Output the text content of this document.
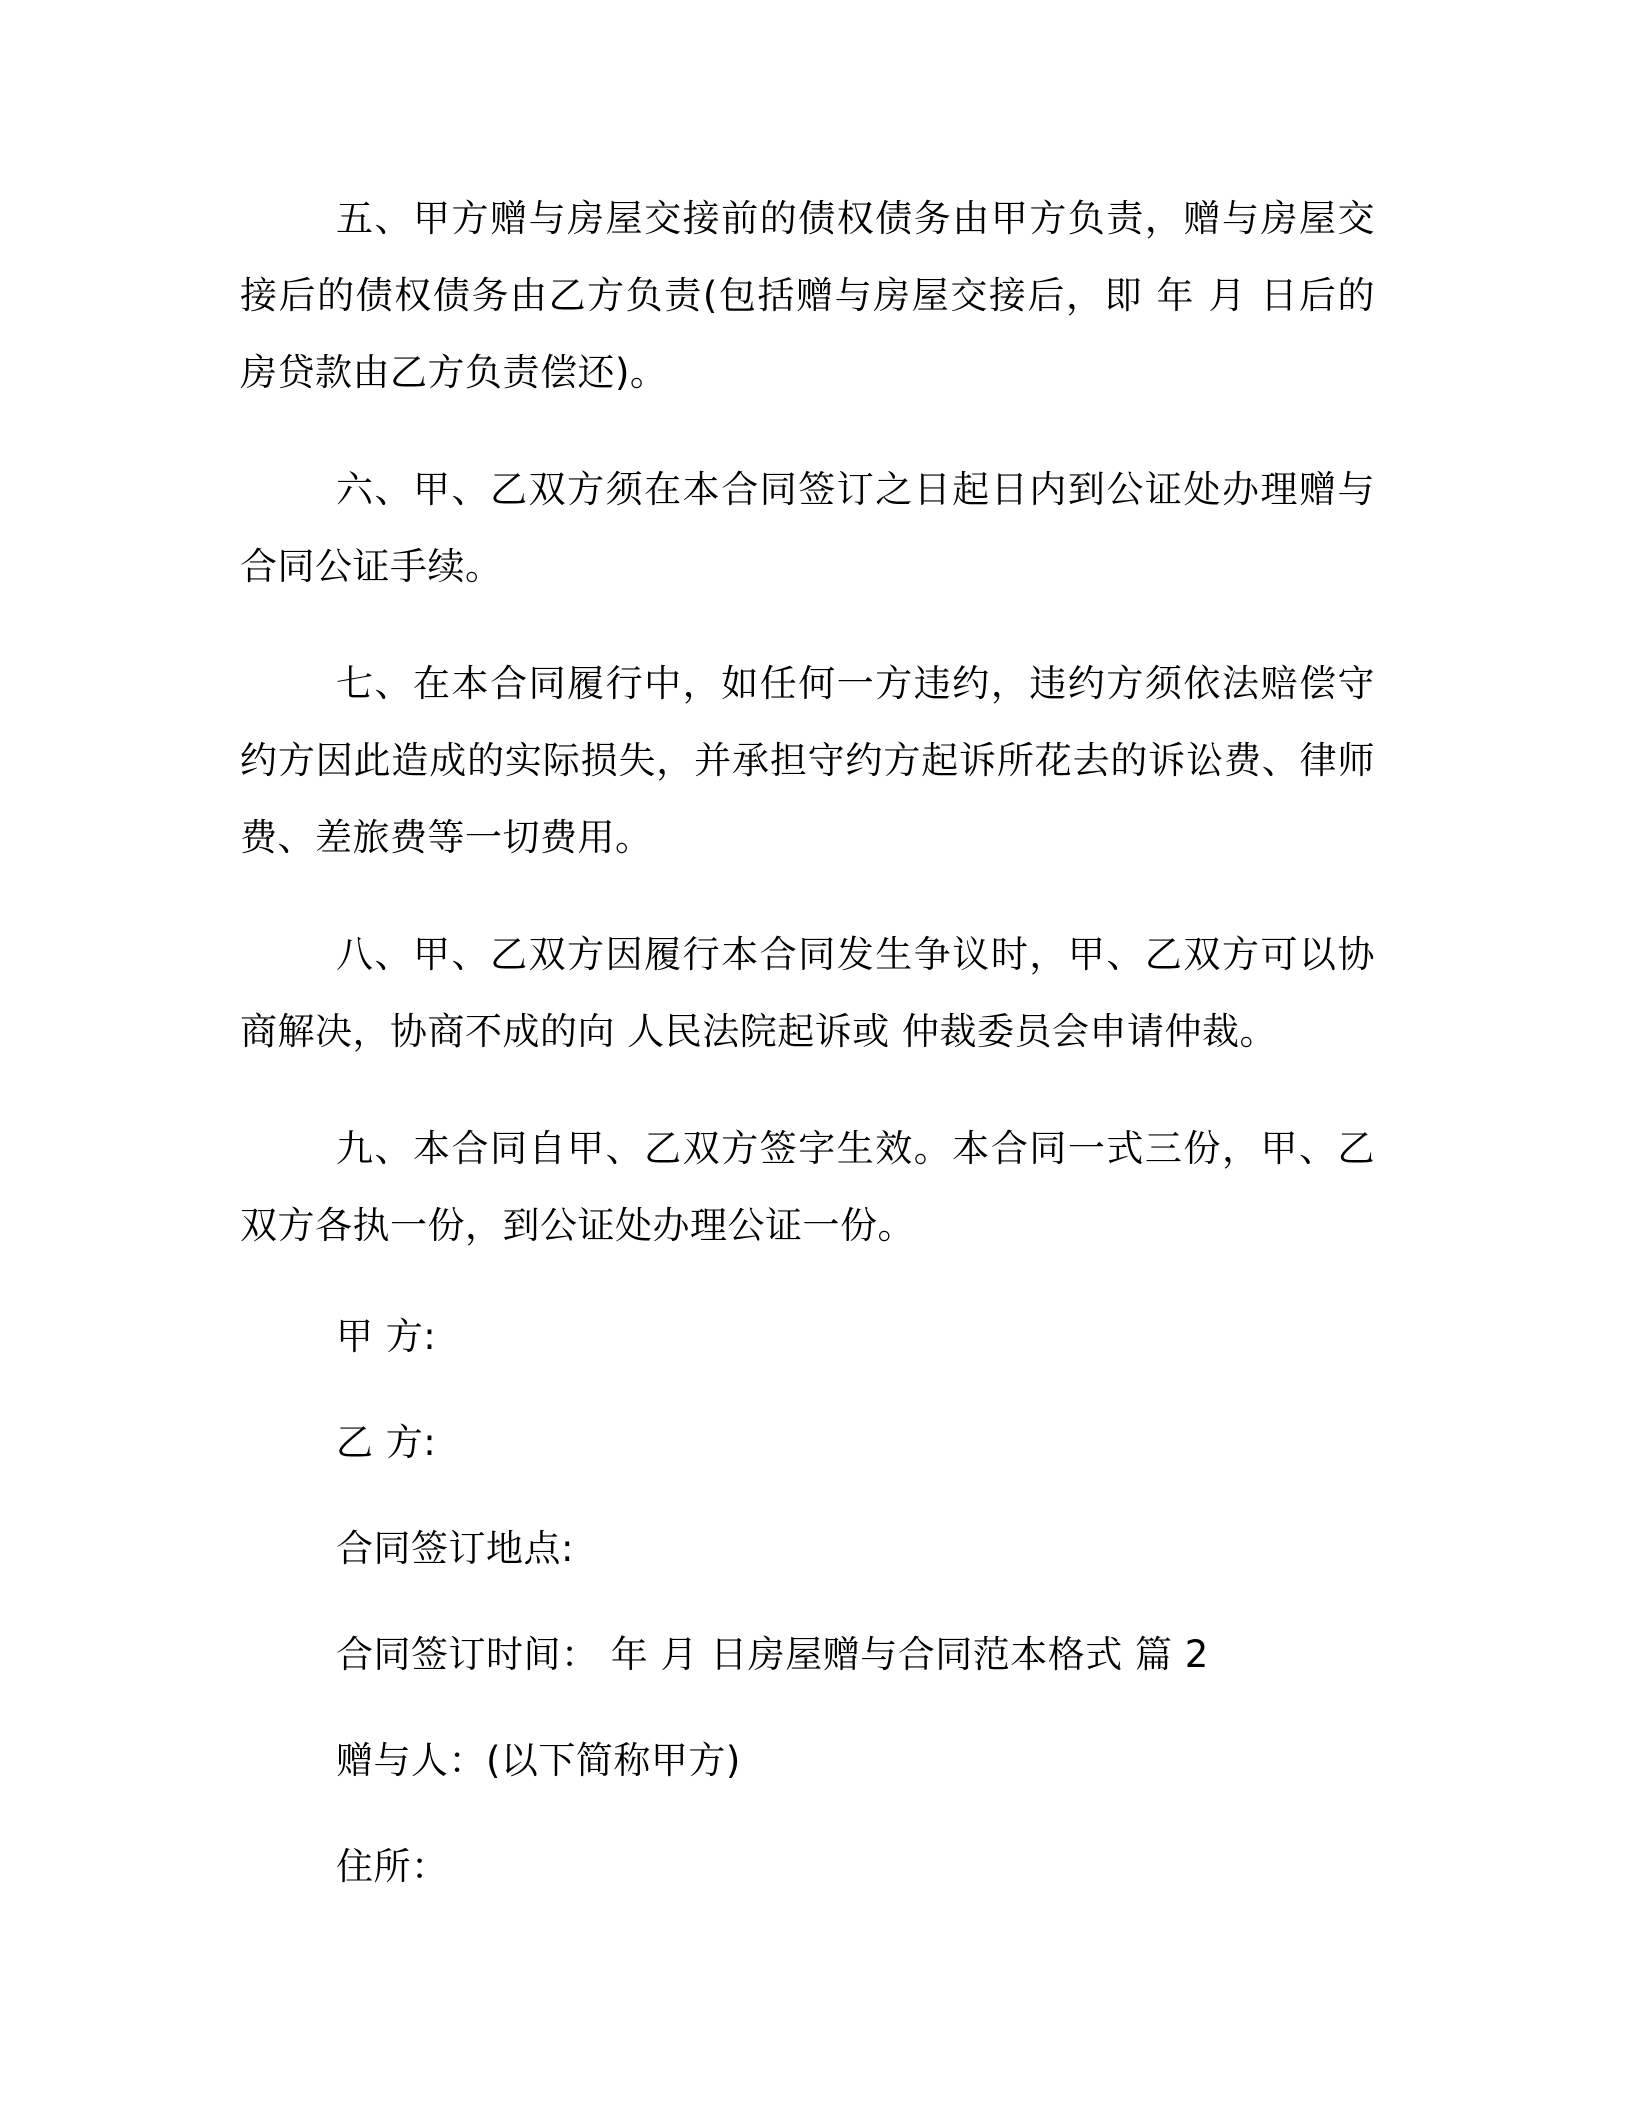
五、甲方赠与房屋交接前的债权债务由甲方负责，赠与房屋交接后的债权债务由乙方负责(包括赠与房屋交接后，即 年 月 日后的房贷款由乙方负责偿还)。

六、甲、乙双方须在本合同签订之日起日内到公证处办理赠与合同公证手续。

七、在本合同履行中，如任何一方违约，违约方须依法赔偿守约方因此造成的实际损失，并承担守约方起诉所花去的诉讼费、律师费、差旅费等一切费用。

八、甲、乙双方因履行本合同发生争议时，甲、乙双方可以协商解决，协商不成的向 人民法院起诉或 仲裁委员会申请仲裁。

九、本合同自甲、乙双方签字生效。本合同一式三份，甲、乙双方各执一份，到公证处办理公证一份。

甲 方:
乙 方:
合同签订地点:
合同签订时间： 年 月 日房屋赠与合同范本格式 篇 2
赠与人：(以下简称甲方)
住所：
